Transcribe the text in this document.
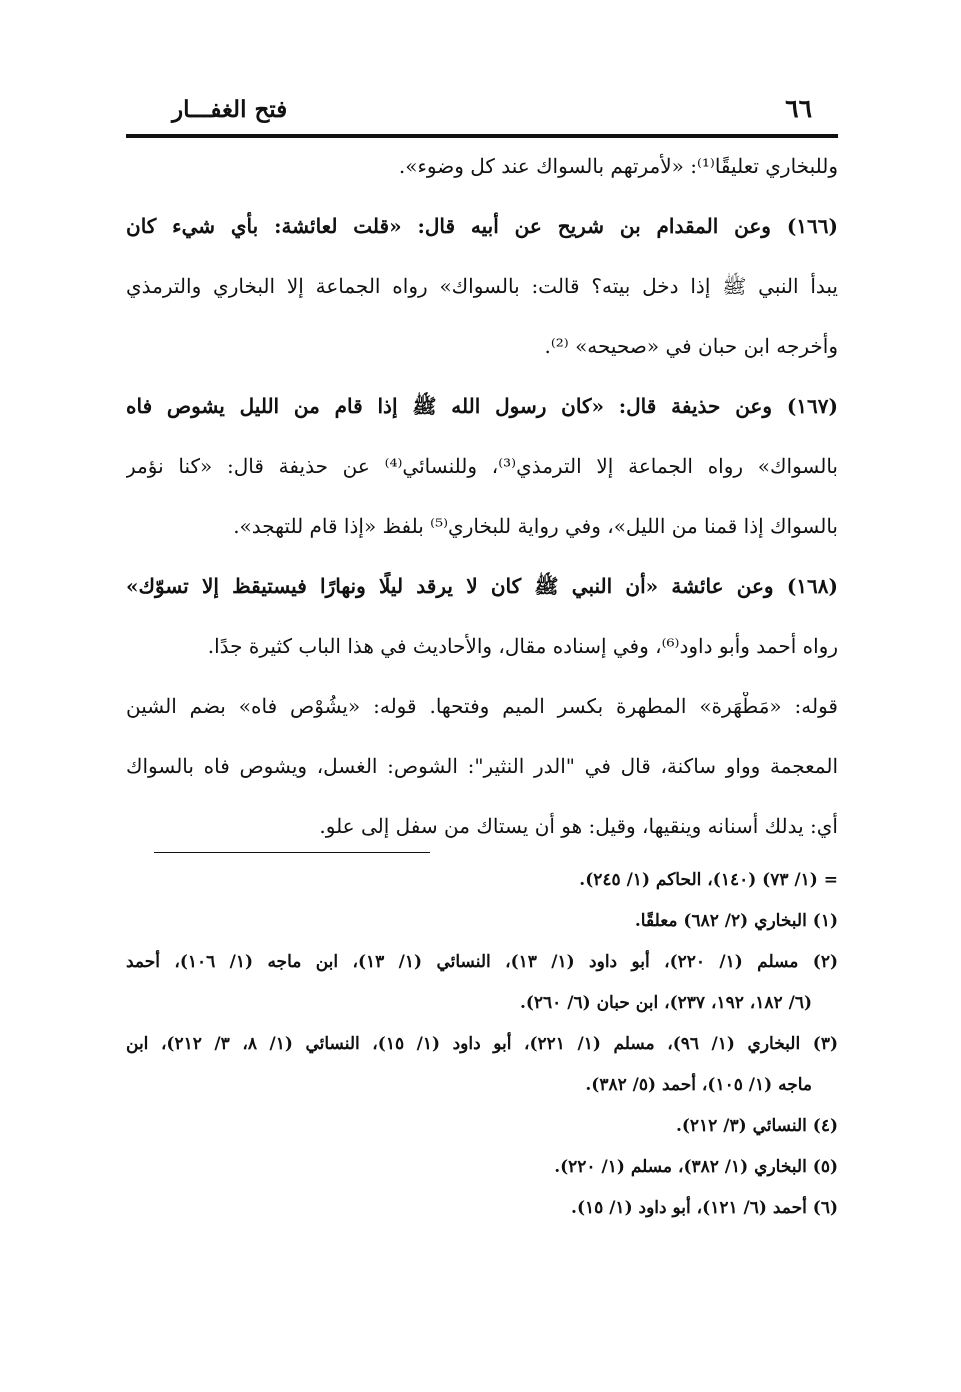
٦٦
فتح الغفـــار
وللبخاري تعليقًا⁽¹⁾: «لأمرتهم بالسواك عند كل وضوء».
(١٦٦) وعن المقدام بن شريح عن أبيه قال: «قلت لعائشة: بأي شيء كان
يبدأ النبي ﷺ إذا دخل بيته؟ قالت: بالسواك» رواه الجماعة إلا البخاري والترمذي
وأخرجه ابن حبان في «صحيحه» ⁽²⁾.
(١٦٧) وعن حذيفة قال: «كان رسول الله ﷺ إذا قام من الليل يشوص فاه
بالسواك» رواه الجماعة إلا الترمذي⁽³⁾، وللنسائي⁽⁴⁾ عن حذيفة قال: «كنا نؤمر
بالسواك إذا قمنا من الليل»، وفي رواية للبخاري⁽⁵⁾ بلفظ «إذا قام للتهجد».
(١٦٨) وعن عائشة «أن النبي ﷺ كان لا يرقد ليلًا ونهارًا فيستيقظ إلا تسوّك»
رواه أحمد وأبو داود⁽⁶⁾، وفي إسناده مقال، والأحاديث في هذا الباب كثيرة جدًا.
قوله: «مَطْهَرة» المطهرة بكسر الميم وفتحها. قوله: «يشُوْص فاه» بضم الشين
المعجمة وواو ساكنة، قال في "الدر النثير": الشوص: الغسل، ويشوص فاه بالسواك
أي: يدلك أسنانه وينقيها، وقيل: هو أن يستاك من سفل إلى علو.
= (١/ ٧٣) (١٤٠)، الحاكم (١/ ٢٤٥).
(١) البخاري (٢/ ٦٨٢) معلقًا.
(٢) مسلم (١/ ٢٢٠)، أبو داود (١/ ١٣)، النسائي (١/ ١٣)، ابن ماجه (١/ ١٠٦)، أحمد
(٦/ ١٨٢، ١٩٢، ٢٣٧)، ابن حبان (٦/ ٢٦٠).
(٣) البخاري (١/ ٩٦)، مسلم (١/ ٢٢١)، أبو داود (١/ ١٥)، النسائي (١/ ٨، ٣/ ٢١٢)، ابن
ماجه (١/ ١٠٥)، أحمد (٥/ ٣٨٢).
(٤) النسائي (٣/ ٢١٢).
(٥) البخاري (١/ ٣٨٢)، مسلم (١/ ٢٢٠).
(٦) أحمد (٦/ ١٢١)، أبو داود (١/ ١٥).
